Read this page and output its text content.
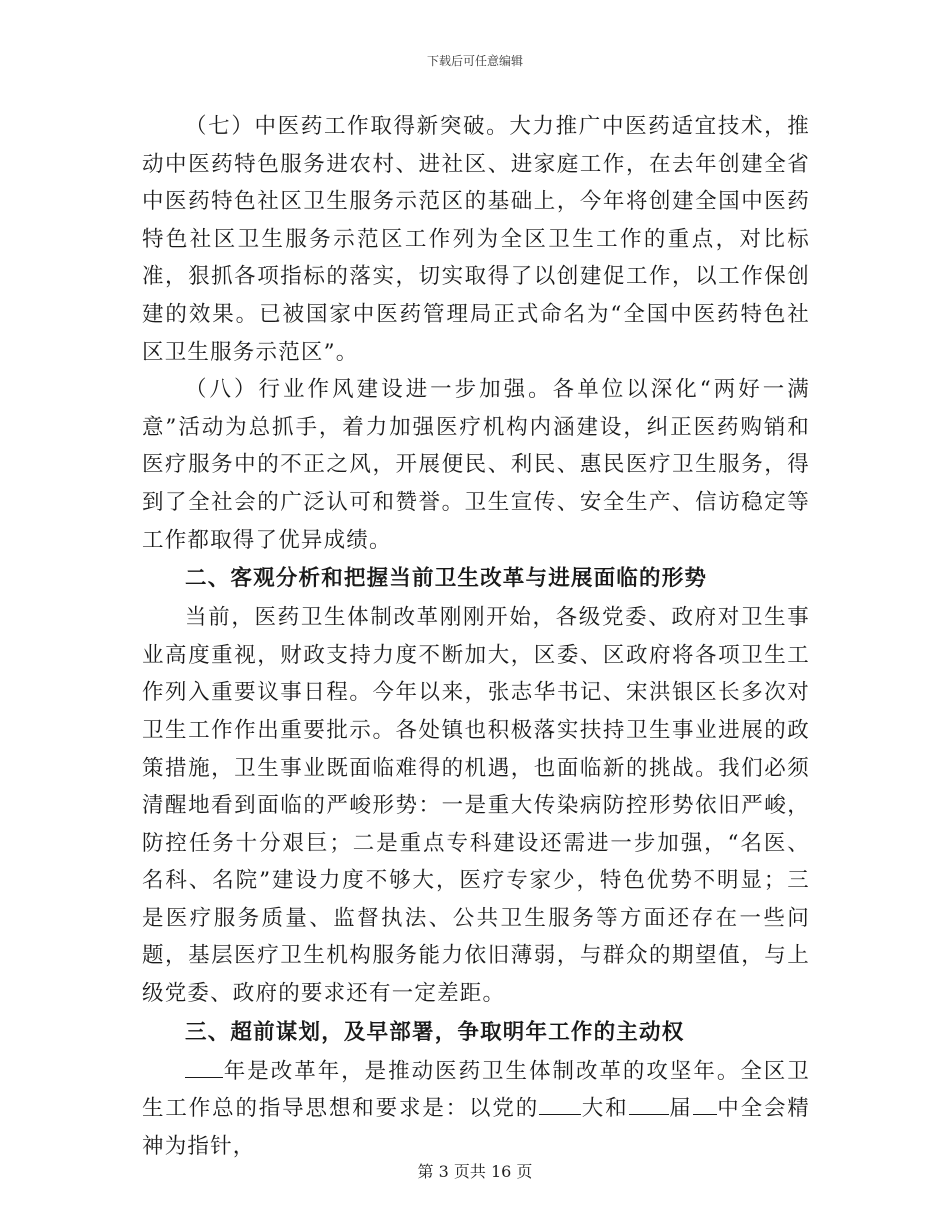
下载后可任意编辑

（七）中医药工作取得新突破。大力推广中医药适宜技术，推动中医药特色服务进农村、进社区、进家庭工作，在去年创建全省中医药特色社区卫生服务示范区的基础上，今年将创建全国中医药特色社区卫生服务示范区工作列为全区卫生工作的重点，对比标准，狠抓各项指标的落实，切实取得了以创建促工作，以工作保创建的效果。已被国家中医药管理局正式命名为“全国中医药特色社区卫生服务示范区”。

（八）行业作风建设进一步加强。各单位以深化“两好一满意”活动为总抓手，着力加强医疗机构内涵建设，纠正医药购销和医疗服务中的不正之风，开展便民、利民、惠民医疗卫生服务，得到了全社会的广泛认可和赞誉。卫生宣传、安全生产、信访稳定等工作都取得了优异成绩。

二、客观分析和把握当前卫生改革与进展面临的形势

当前，医药卫生体制改革刚刚开始，各级党委、政府对卫生事业高度重视，财政支持力度不断加大，区委、区政府将各项卫生工作列入重要议事日程。今年以来，张志华书记、宋洪银区长多次对卫生工作作出重要批示。各处镇也积极落实扶持卫生事业进展的政策措施，卫生事业既面临难得的机遇，也面临新的挑战。我们必须清醒地看到面临的严峻形势：一是重大传染病防控形势依旧严峻，防控任务十分艰巨；二是重点专科建设还需进一步加强，“名医、名科、名院”建设力度不够大，医疗专家少，特色优势不明显；三是医疗服务质量、监督执法、公共卫生服务等方面还存在一些问题，基层医疗卫生机构服务能力依旧薄弱，与群众的期望值，与上级党委、政府的要求还有一定差距。

三、超前谋划，及早部署，争取明年工作的主动权

年是改革年，是推动医药卫生体制改革的攻坚年。全区卫生工作总的指导思想和要求是：以党的 大和 届 中全会精神为指针，

第 3 页共 16 页
